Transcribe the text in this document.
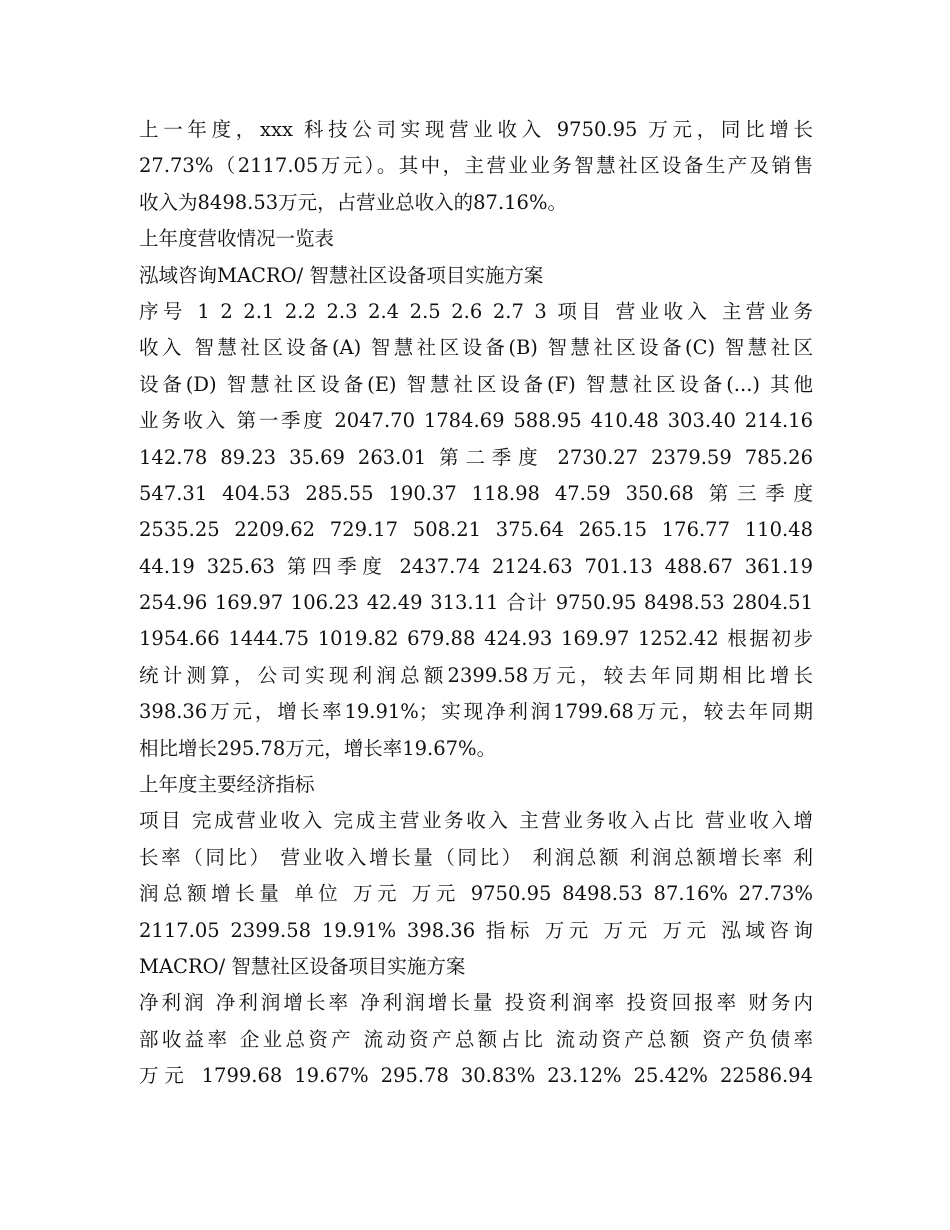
上一年度，xxx 科技公司实现营业收入 9750.95 万元，同比增长
27.73%（2117.05万元）。其中，主营业业务智慧社区设备生产及销售
收入为8498.53万元，占营业总收入的87.16%。
上年度营收情况一览表
泓域咨询MACRO/ 智慧社区设备项目实施方案
序号 1 2 2.1 2.2 2.3 2.4 2.5 2.6 2.7 3 项目 营业收入 主营业务
收入 智慧社区设备(A) 智慧社区设备(B) 智慧社区设备(C) 智慧社区
设备(D) 智慧社区设备(E) 智慧社区设备(F) 智慧社区设备(...) 其他
业务收入 第一季度 2047.70 1784.69 588.95 410.48 303.40 214.16
142.78 89.23 35.69 263.01 第二季度 2730.27 2379.59 785.26
547.31 404.53 285.55 190.37 118.98 47.59 350.68 第三季度
2535.25 2209.62 729.17 508.21 375.64 265.15 176.77 110.48
44.19 325.63 第四季度 2437.74 2124.63 701.13 488.67 361.19
254.96 169.97 106.23 42.49 313.11 合计 9750.95 8498.53 2804.51
1954.66 1444.75 1019.82 679.88 424.93 169.97 1252.42 根据初步
统计测算，公司实现利润总额2399.58万元，较去年同期相比增长
398.36万元，增长率19.91%；实现净利润1799.68万元，较去年同期
相比增长295.78万元，增长率19.67%。
上年度主要经济指标
项目 完成营业收入 完成主营业务收入 主营业务收入占比 营业收入增
长率（同比） 营业收入增长量（同比） 利润总额 利润总额增长率 利
润总额增长量 单位 万元 万元 9750.95 8498.53 87.16% 27.73%
2117.05 2399.58 19.91% 398.36 指标 万元 万元 万元 泓域咨询
MACRO/ 智慧社区设备项目实施方案
净利润 净利润增长率 净利润增长量 投资利润率 投资回报率 财务内
部收益率 企业总资产 流动资产总额占比 流动资产总额 资产负债率
万元 1799.68 19.67% 295.78 30.83% 23.12% 25.42% 22586.94
